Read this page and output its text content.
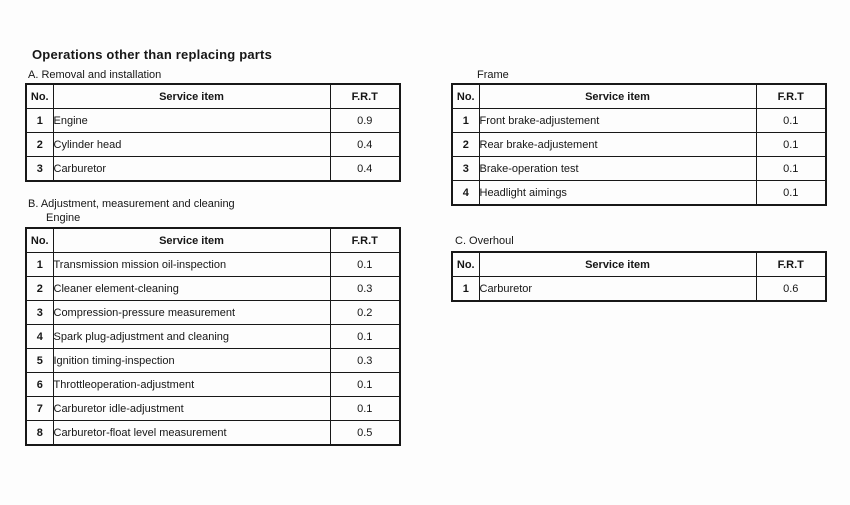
Operations other than replacing parts
A. Removal and installation
No.	Service item	F.R.T
1	Engine	0.9
2	Cylinder head	0.4
3	Carburetor	0.4
B. Adjustment, measurement and cleaning
Engine
No.	Service item	F.R.T
1	Transmission mission oil-inspection	0.1
2	Cleaner element-cleaning	0.3
3	Compression-pressure measurement	0.2
4	Spark plug-adjustment and cleaning	0.1
5	Ignition timing-inspection	0.3
6	Throttleoperation-adjustment	0.1
7	Carburetor idle-adjustment	0.1
8	Carburetor-float level measurement	0.5
Frame
No.	Service item	F.R.T
1	Front brake-adjustement	0.1
2	Rear brake-adjustement	0.1
3	Brake-operation test	0.1
4	Headlight aimings	0.1
C. Overhoul
No.	Service item	F.R.T
1	Carburetor	0.6
